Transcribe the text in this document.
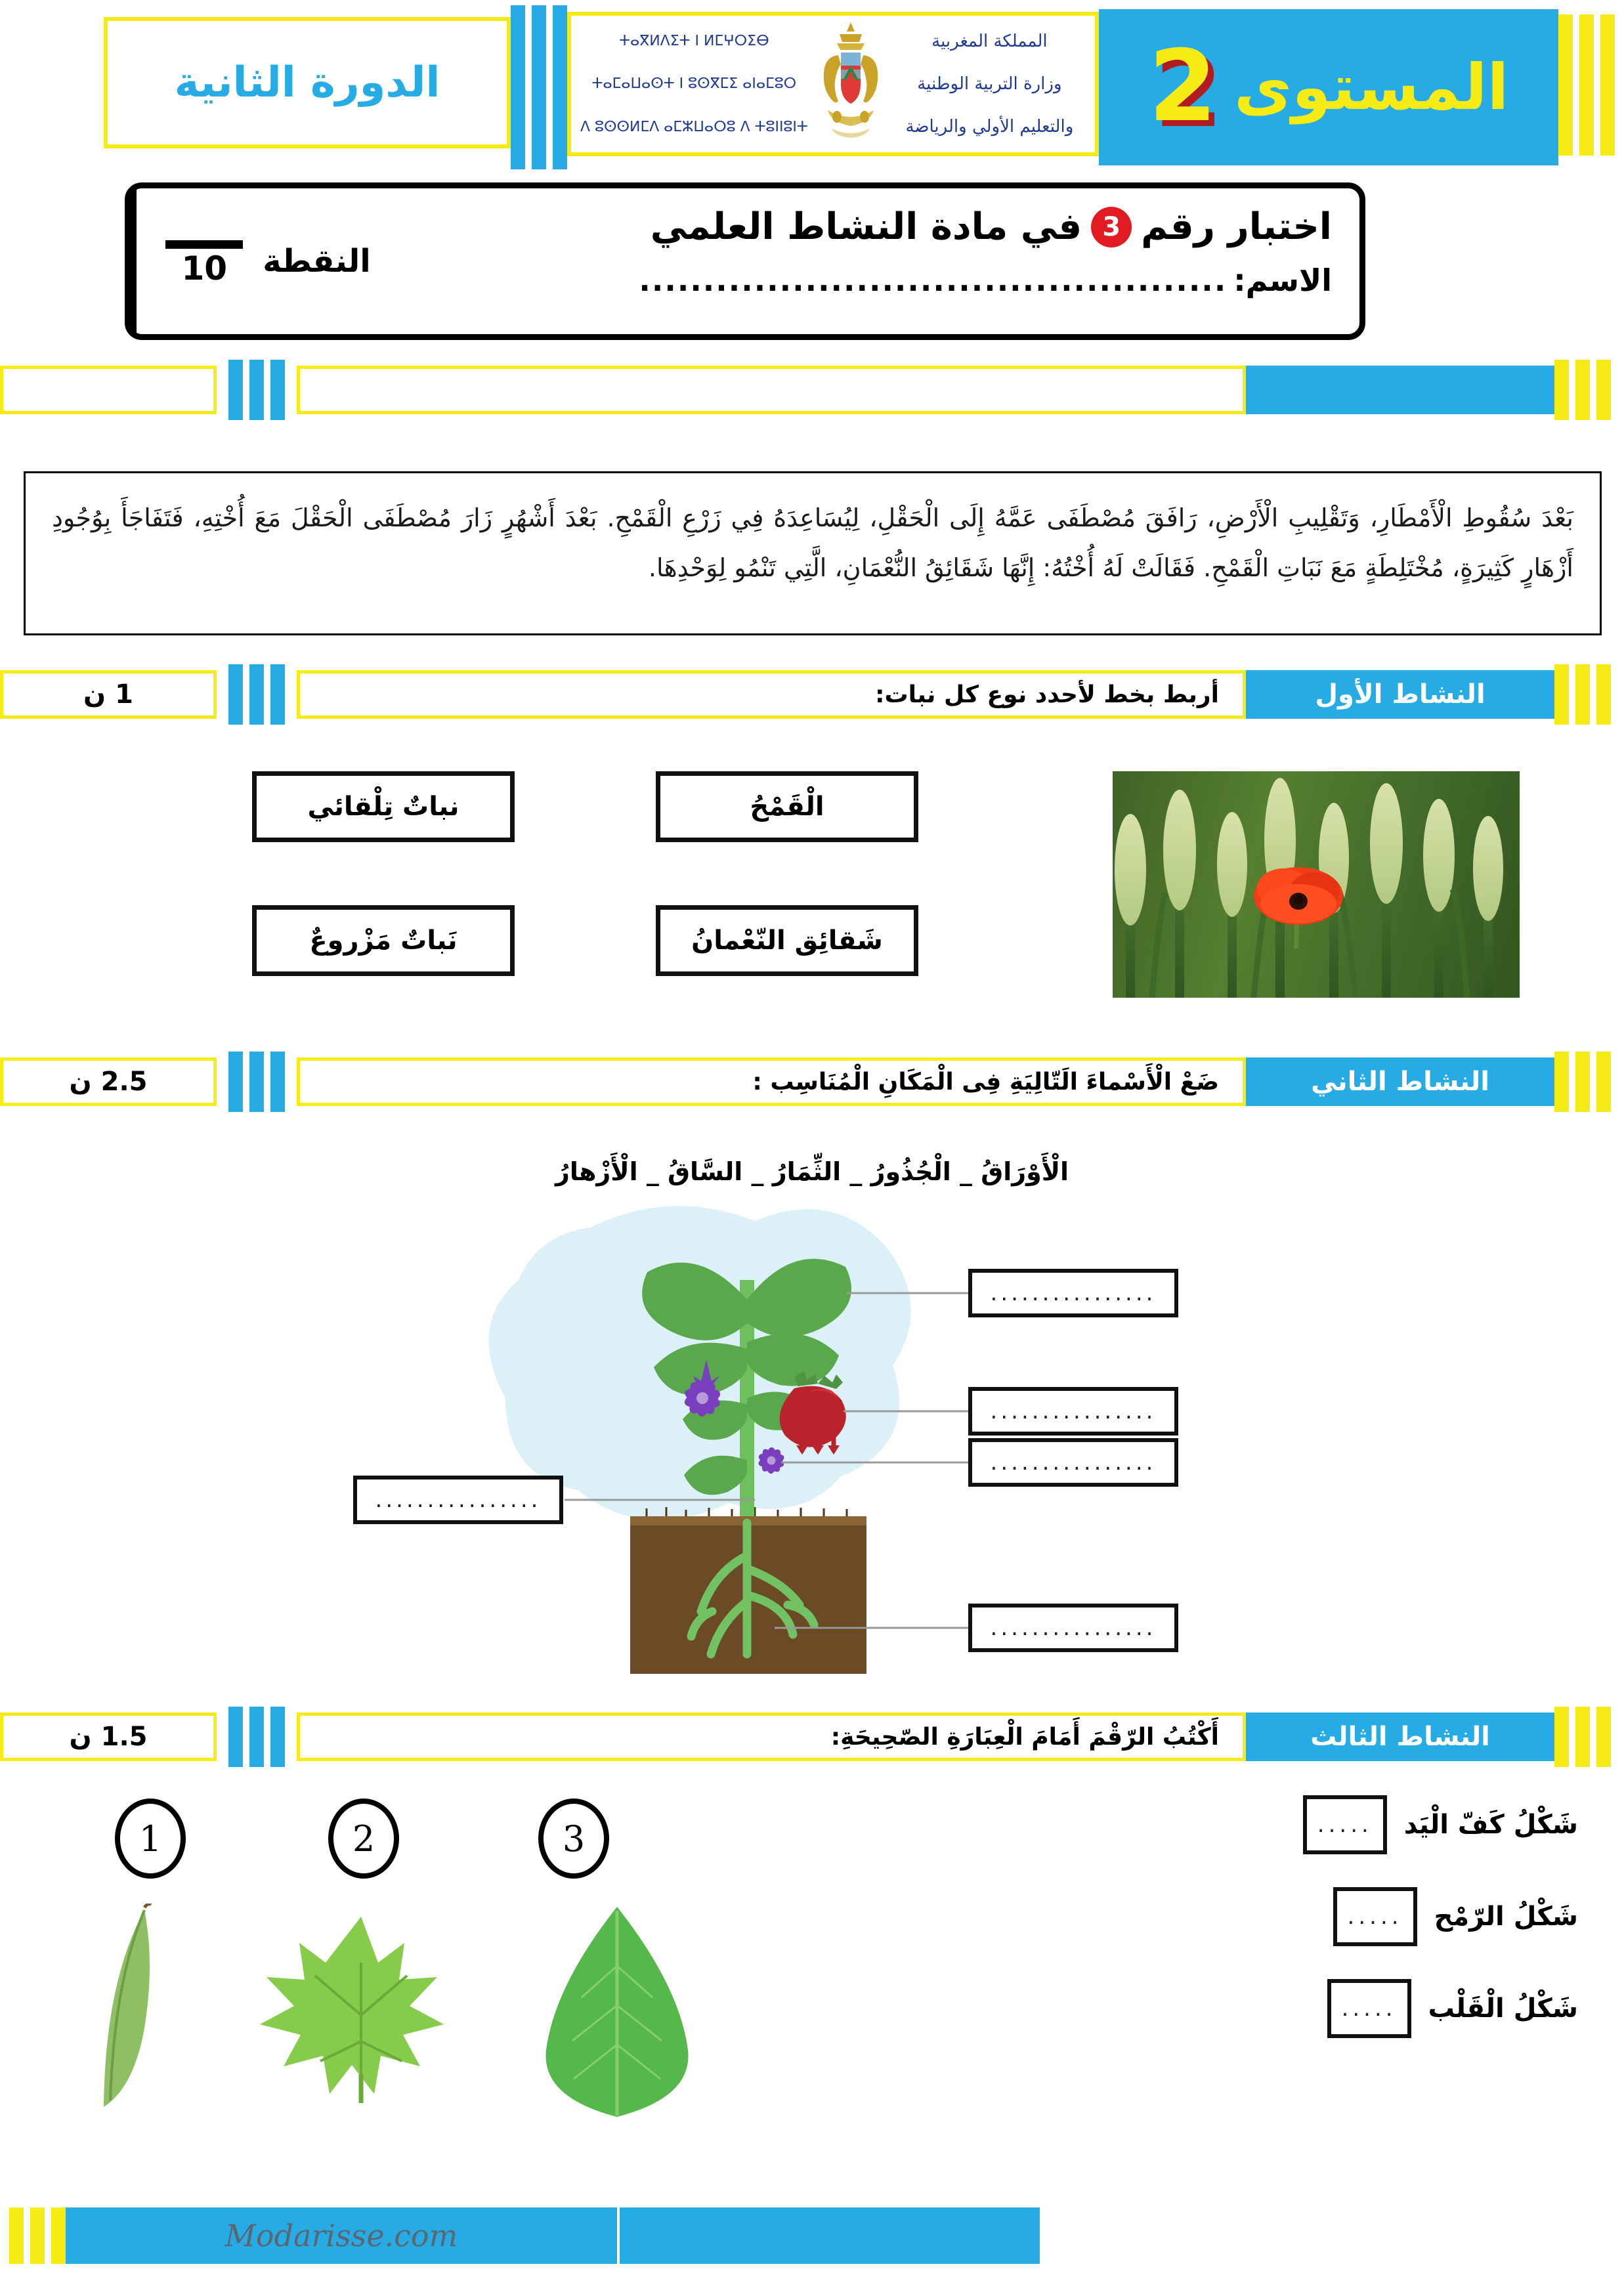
المستوى
2
المملكة المغربية
وزارة التربية الوطنية
والتعليم الأولي والرياضة
ⵜⴰⴳⵍⴷⵉⵜ ⵏ ⵍⵎⵖⵔⵉⴱ
ⵜⴰⵎⴰⵡⴰⵙⵜ ⵏ ⵓⵙⴳⵎⵉ ⴰⵏⴰⵎⵓⵔ
ⴷ ⵓⵙⵙⵍⵎⴷ ⴰⵎⵣⵡⴰⵔⵓ ⴷ ⵜⵓⵏⵏⵓⵏⵜ
الدورة الثانية
اختبار رقم
3
في مادة النشاط العلمي
الاسم:
..............................................
النقطة
10
بَعْدَ سُقُوطِ الْأَمْطَارِ، وَتَقْلِيبِ الْأَرْضِ، رَافَقَ مُصْطَفَى عَمَّهُ إِلَى الْحَقْلِ، لِيُسَاعِدَهُ فِي زَرْعِ الْقَمْحِ. بَعْدَ أَشْهُرٍ زَارَ مُصْطَفَى الْحَقْلَ مَعَ أُخْتِهِ، فَتَفَاجَأَ بِوُجُودِ أَزْهَارٍ كَثِيرَةٍ، مُخْتَلِطَةٍ مَعَ نَبَاتِ الْقَمْحِ. فَقَالَتْ لَهُ أُخْتُهُ: إِنَّهَا شَقَائِقُ النُّعْمَانِ، الَّتِي تَنْمُو لِوَحْدِهَا.
النشاط الأول
أربط بخط لأحدد نوع كل نبات:
1 ن
الْقَمْحُ
شَقائِق النّعْمانُ
نباتٌ تِلْقائي
نَباتٌ مَزْروعٌ
النشاط الثاني
ضَعْ الْأَسْماءَ الَتّالِيَةِ فِى الْمَكَانِ الْمُنَاسِب :
2.5 ن
الْأَوْرَاقُ _ الْجُذُورُ _ الثِّمَارُ _ السَّاقُ _ الْأَزْهارُ
................
................
................
................
................
النشاط الثالث
أَكْتُبُ الرّقْمَ أَمَامَ الْعِبَارَةِ الصّحِيحَةِ:
1.5 ن
1	2	3	شَكْلُ كَفّ الْيَد
.....
شَكْلُ الرّمْح
.....
شَكْلُ الْقَلْب
.....
Modarisse.com
